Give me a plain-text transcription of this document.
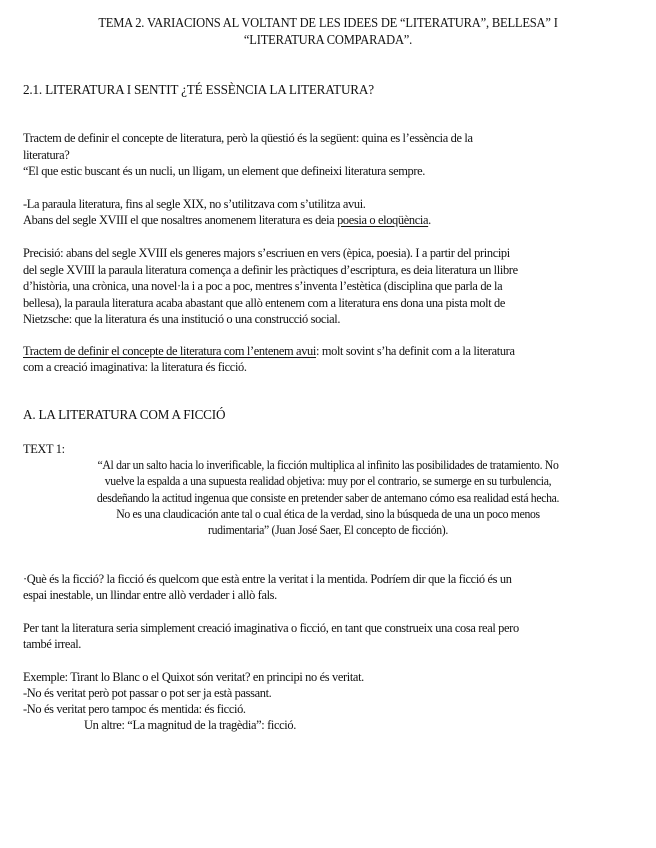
TEMA 2. VARIACIONS AL VOLTANT DE LES IDEES DE “LITERATURA”, BELLESA” I
“LITERATURA COMPARADA”.
2.1. LITERATURA I SENTIT ¿TÉ ESSÈNCIA LA LITERATURA?
Tractem de definir el concepte de literatura, però la qüestió és la següent: quina es l’essència de la
literatura?
“El que estic buscant és un nucli, un lligam, un element que defineixi literatura sempre.
-La paraula literatura, fins al segle XIX, no s’utilitzava com s’utilitza avui.
Abans del segle XVIII el que nosaltres anomenem literatura es deia poesia o eloqüència.
Precisió: abans del segle XVIII els generes majors s’escriuen en vers (èpica, poesia). I a partir del principi
del segle XVIII la paraula literatura comença a definir les pràctiques d’escriptura, es deia literatura un llibre
d’història, una crònica, una novel·la i a poc a poc, mentres s’inventa l’estètica (disciplina que parla de la
bellesa), la paraula literatura acaba abastant que allò entenem com a literatura ens dona una pista molt de
Nietzsche: que la literatura és una institució o una construcció social.
Tractem de definir el concepte de literatura com l’entenem avui: molt sovint s’ha definit com a la literatura
com a creació imaginativa: la literatura és ficció.
A. LA LITERATURA COM A FICCIÓ
TEXT 1:
“Al dar un salto hacia lo inverificable, la ficción multiplica al infinito las posibilidades de tratamiento. No
vuelve la espalda a una supuesta realidad objetiva: muy por el contrario, se sumerge en su turbulencia,
desdeñando la actitud ingenua que consiste en pretender saber de antemano cómo esa realidad está hecha.
No es una claudicación ante tal o cual ética de la verdad, sino la búsqueda de una un poco menos
rudimentaria” (Juan José Saer, El concepto de ficción).
·Què és la ficció? la ficció és quelcom que està entre la veritat i la mentida. Podríem dir que la ficció és un
espai inestable, un llindar entre allò verdader i allò fals.
Per tant la literatura seria simplement creació imaginativa o ficció, en tant que construeix una cosa real pero
també irreal.
Exemple: Tirant lo Blanc o el Quixot són veritat? en principi no és veritat.
-No és veritat però pot passar o pot ser ja està passant.
-No és veritat pero tampoc és mentida: és ficció.
Un altre: “La magnitud de la tragèdia”: ficció.
